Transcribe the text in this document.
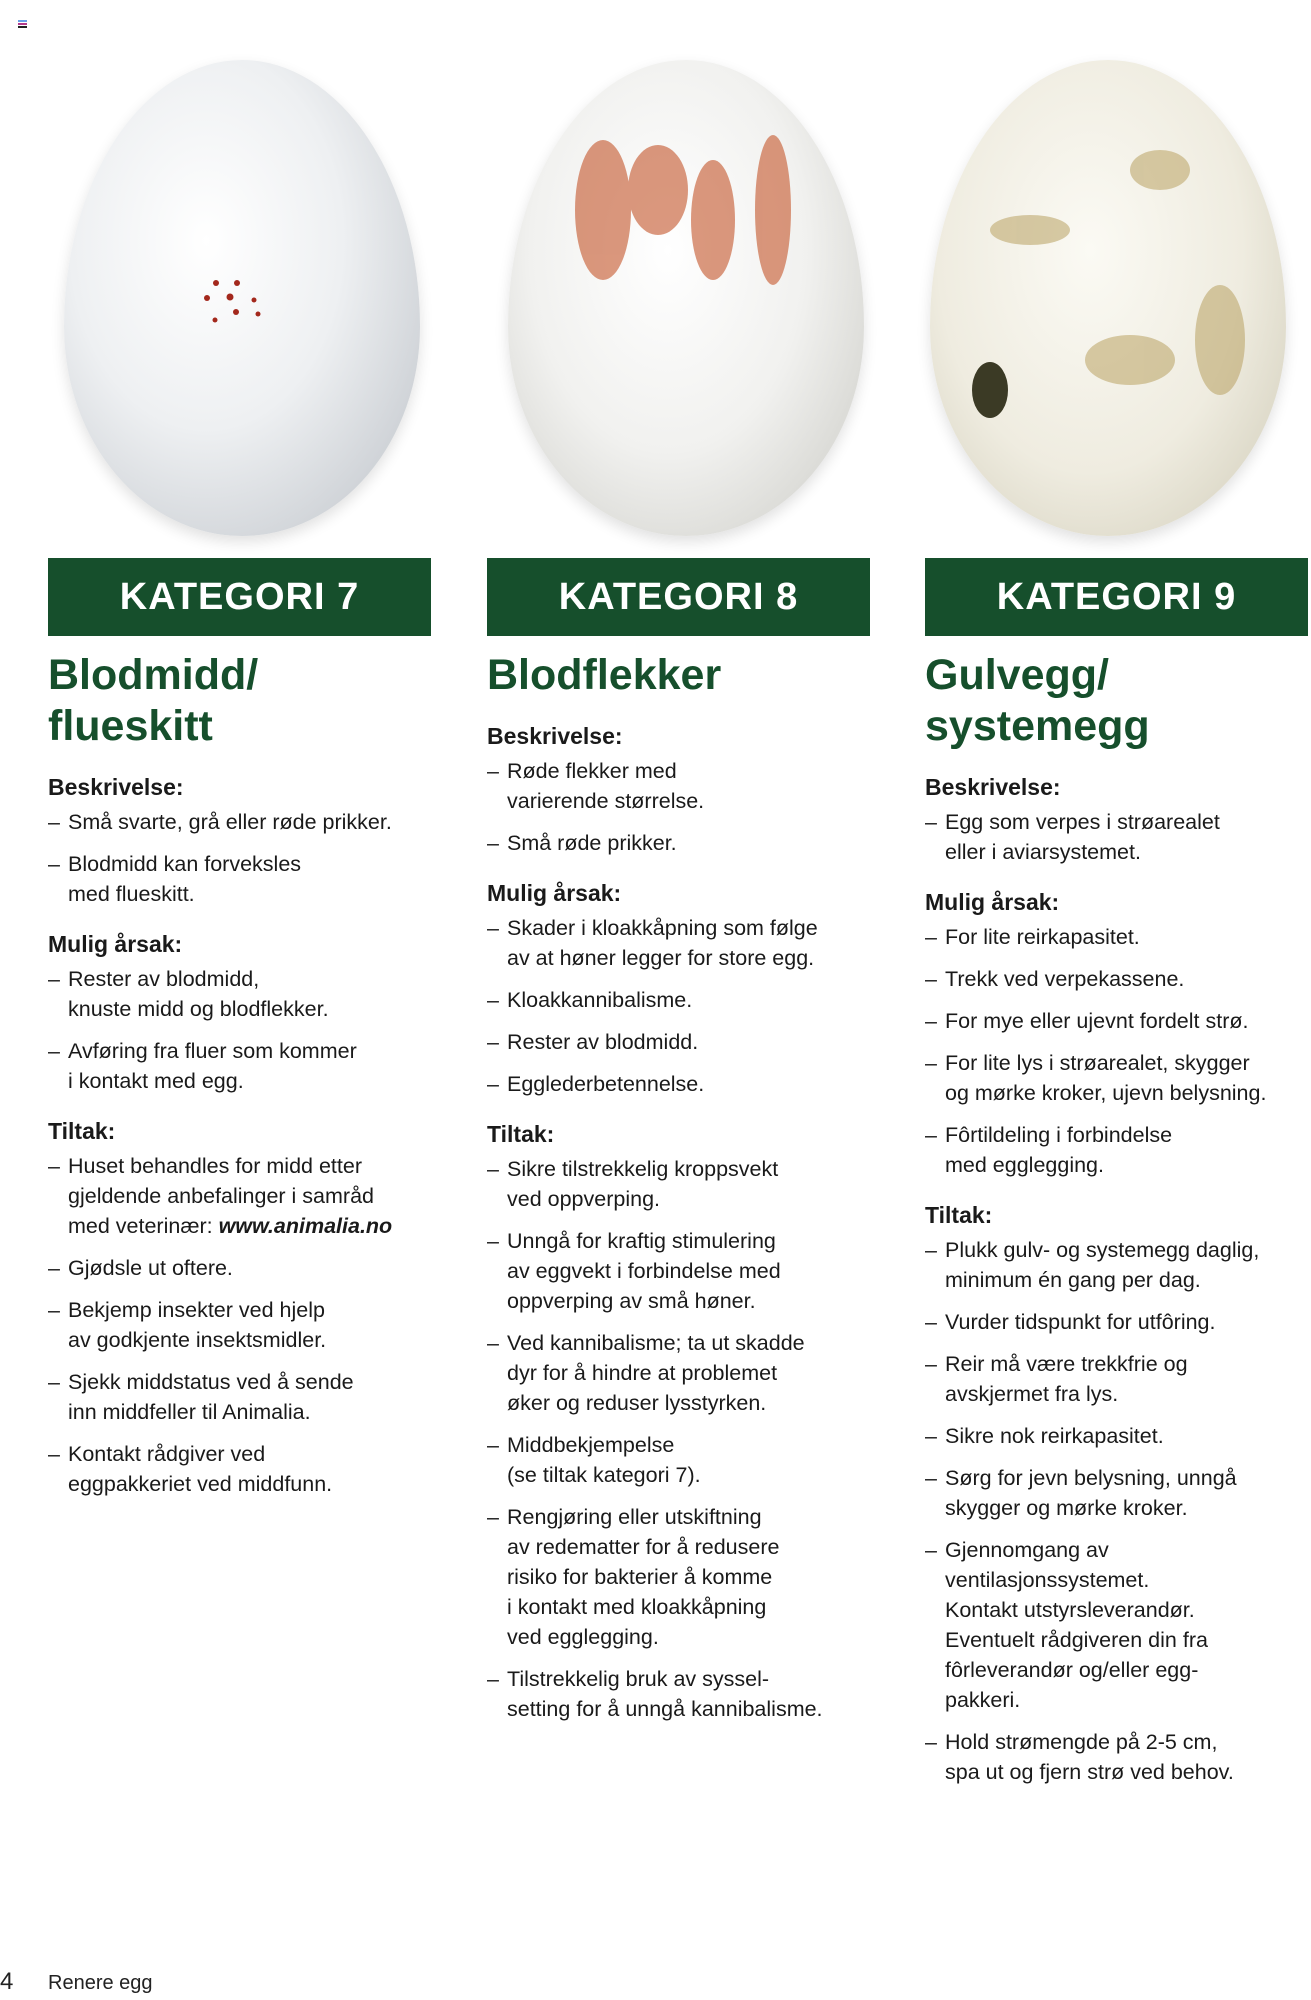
KATEGORI 7
Blodmidd/
flueskitt
Beskrivelse:
– Små svarte, grå eller røde prikker.
– Blodmidd kan forveksles
med flueskitt.
Mulig årsak:
– Rester av blodmidd,
knuste midd og blodflekker.
– Avføring fra fluer som kommer
i kontakt med egg.
Tiltak:
– Huset behandles for midd etter
gjeldende anbefalinger i samråd
med veterinær: www.animalia.no
– Gjødsle ut oftere.
– Bekjemp insekter ved hjelp
av godkjente insektsmidler.
– Sjekk middstatus ved å sende
inn middfeller til Animalia.
– Kontakt rådgiver ved
eggpakkeriet ved middfunn.
KATEGORI 8
Blodflekker
Beskrivelse:
– Røde flekker med
varierende størrelse.
– Små røde prikker.
Mulig årsak:
– Skader i kloakkåpning som følge
av at høner legger for store egg.
– Kloakkannibalisme.
– Rester av blodmidd.
– Egglederbetennelse.
Tiltak:
– Sikre tilstrekkelig kroppsvekt
ved oppverping.
– Unngå for kraftig stimulering
av eggvekt i forbindelse med
oppverping av små høner.
– Ved kannibalisme; ta ut skadde
dyr for å hindre at problemet
øker og reduser lysstyrken.
– Middbekjempelse
(se tiltak kategori 7).
– Rengjøring eller utskiftning
av redematter for å redusere
risiko for bakterier å komme
i kontakt med kloakkåpning
ved egglegging.
– Tilstrekkelig bruk av syssel-
setting for å unngå kannibalisme.
KATEGORI 9
Gulvegg/
systemegg
Beskrivelse:
– Egg som verpes i strøarealet
eller i aviarsystemet.
Mulig årsak:
– For lite reirkapasitet.
– Trekk ved verpekassene.
– For mye eller ujevnt fordelt strø.
– For lite lys i strøarealet, skygger
og mørke kroker, ujevn belysning.
– Fôrtildeling i forbindelse
med egglegging.
Tiltak:
– Plukk gulv- og systemegg daglig,
minimum én gang per dag.
– Vurder tidspunkt for utfôring.
– Reir må være trekkfrie og
avskjermet fra lys.
– Sikre nok reirkapasitet.
– Sørg for jevn belysning, unngå
skygger og mørke kroker.
– Gjennomgang av
ventilasjonssystemet.
Kontakt utstyrsleverandør.
Eventuelt rådgiveren din fra
fôrleverandør og/eller egg-
pakkeri.
– Hold strømengde på 2-5 cm,
spa ut og fjern strø ved behov.
4 Renere egg
